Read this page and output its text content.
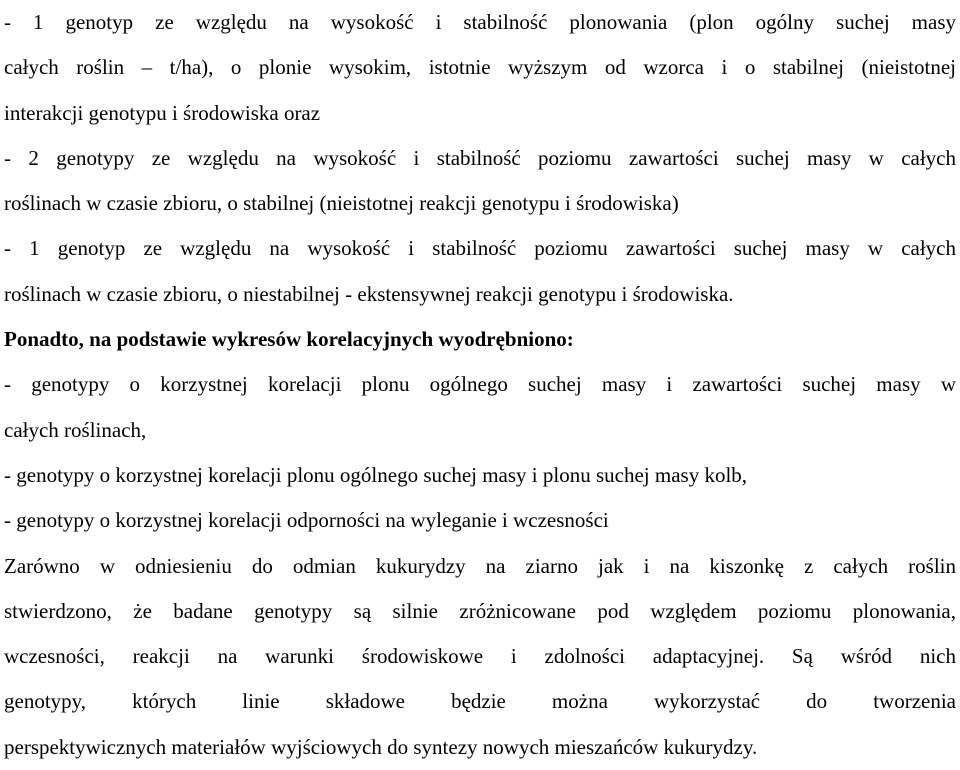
- 1 genotyp ze względu na wysokość i stabilność plonowania (plon ogólny suchej masy
całych roślin – t/ha), o plonie wysokim, istotnie wyższym od wzorca i o stabilnej (nieistotnej
interakcji genotypu i środowiska oraz
- 2 genotypy ze względu na wysokość i stabilność poziomu zawartości suchej masy w całych
roślinach w czasie zbioru, o stabilnej (nieistotnej reakcji genotypu i środowiska)
- 1 genotyp ze względu na wysokość i stabilność poziomu zawartości suchej masy w całych
roślinach w czasie zbioru, o niestabilnej - ekstensywnej reakcji genotypu i środowiska.
Ponadto, na podstawie wykresów korelacyjnych wyodrębniono:
- genotypy o korzystnej korelacji plonu ogólnego suchej masy i zawartości suchej masy w
całych roślinach,
- genotypy o korzystnej korelacji plonu ogólnego suchej masy i plonu suchej masy kolb,
- genotypy o korzystnej korelacji odporności na wyleganie i wczesności
Zarówno w odniesieniu do odmian kukurydzy na ziarno jak i na kiszonkę z całych roślin
stwierdzono, że badane genotypy są silnie zróżnicowane pod względem poziomu plonowania,
wczesności, reakcji na warunki środowiskowe i zdolności adaptacyjnej. Są wśród nich
genotypy, których linie składowe będzie można wykorzystać do tworzenia
perspektywicznych materiałów wyjściowych do syntezy nowych mieszańców kukurydzy.
